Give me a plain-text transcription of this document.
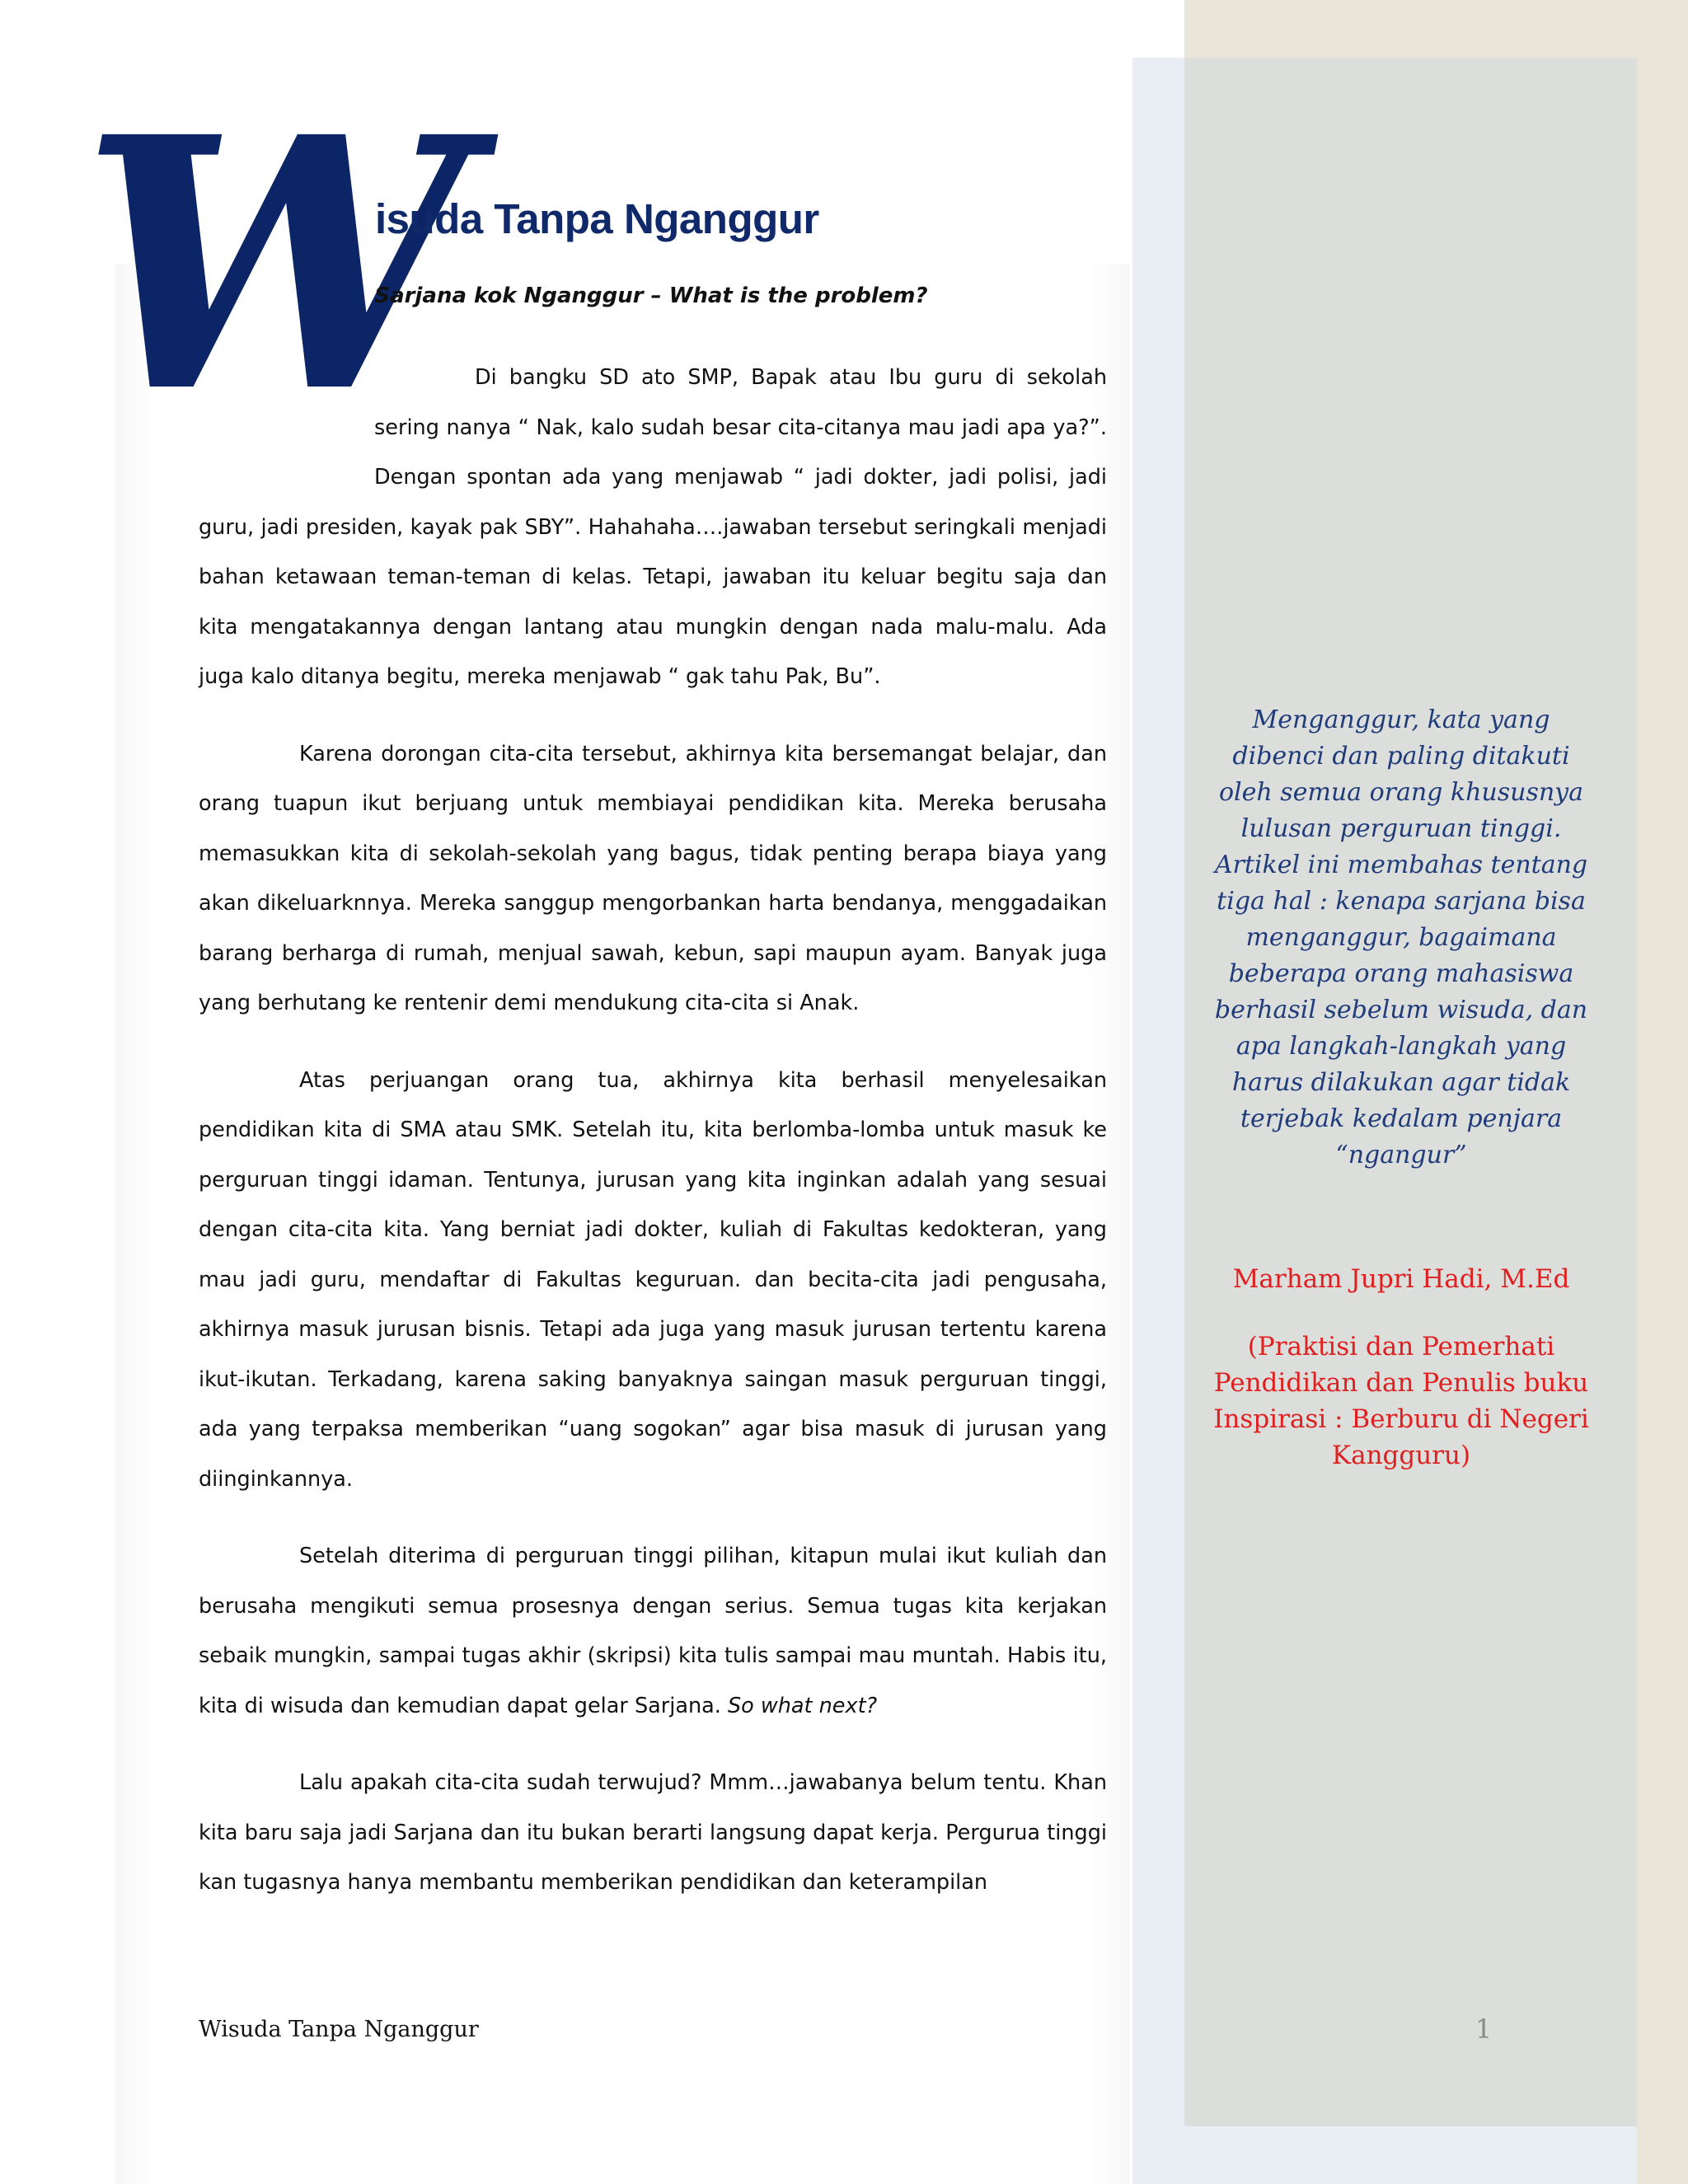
W
isuda Tanpa Nganggur

Sarjana kok Nganggur – What is the problem?

Di bangku SD ato SMP, Bapak atau Ibu guru di sekolah sering nanya “ Nak, kalo sudah besar cita-citanya mau jadi apa ya?”. Dengan spontan ada yang menjawab “ jadi dokter, jadi polisi, jadi guru, jadi presiden, kayak pak SBY”. Hahahaha….jawaban tersebut seringkali menjadi bahan ketawaan teman-teman di kelas. Tetapi, jawaban itu keluar begitu saja dan kita mengatakannya dengan lantang atau mungkin dengan nada malu-malu. Ada juga kalo ditanya begitu, mereka menjawab “ gak tahu Pak, Bu”.

Karena dorongan cita-cita tersebut, akhirnya kita bersemangat belajar, dan orang tuapun ikut berjuang untuk membiayai pendidikan kita. Mereka berusaha memasukkan kita di sekolah-sekolah yang bagus, tidak penting berapa biaya yang akan dikeluarknnya. Mereka sanggup mengorbankan harta bendanya, menggadaikan barang berharga di rumah, menjual sawah, kebun, sapi maupun ayam. Banyak juga yang berhutang ke rentenir demi mendukung cita-cita si Anak.

Atas perjuangan orang tua, akhirnya kita berhasil menyelesaikan pendidikan kita di SMA atau SMK. Setelah itu, kita berlomba-lomba untuk masuk ke perguruan tinggi idaman. Tentunya, jurusan yang kita inginkan adalah yang sesuai dengan cita-cita kita. Yang berniat jadi dokter, kuliah di Fakultas kedokteran, yang mau jadi guru, mendaftar di Fakultas keguruan. dan becita-cita jadi pengusaha, akhirnya masuk jurusan bisnis. Tetapi ada juga yang masuk jurusan tertentu karena ikut-ikutan. Terkadang, karena saking banyaknya saingan masuk perguruan tinggi, ada yang terpaksa memberikan “uang sogokan” agar bisa masuk di jurusan yang diinginkannya.

Setelah diterima di perguruan tinggi pilihan, kitapun mulai ikut kuliah dan berusaha mengikuti semua prosesnya dengan serius. Semua tugas kita kerjakan sebaik mungkin, sampai tugas akhir (skripsi) kita tulis sampai mau muntah. Habis itu, kita di wisuda dan kemudian dapat gelar Sarjana. So what next?

Lalu apakah cita-cita sudah terwujud? Mmm…jawabanya belum tentu. Khan kita baru saja jadi Sarjana dan itu bukan berarti langsung dapat kerja. Pergurua tinggi kan tugasnya hanya membantu memberikan pendidikan dan keterampilan

Menganggur, kata yang dibenci dan paling ditakuti oleh semua orang khususnya lulusan perguruan tinggi. Artikel ini membahas tentang tiga hal : kenapa sarjana bisa menganggur, bagaimana beberapa orang mahasiswa berhasil sebelum wisuda, dan apa langkah-langkah yang harus dilakukan agar tidak terjebak kedalam penjara “ngangur”

Marham Jupri Hadi, M.Ed

(Praktisi dan Pemerhati Pendidikan dan Penulis buku Inspirasi : Berburu di Negeri Kangguru)

Wisuda Tanpa Nganggur	1
